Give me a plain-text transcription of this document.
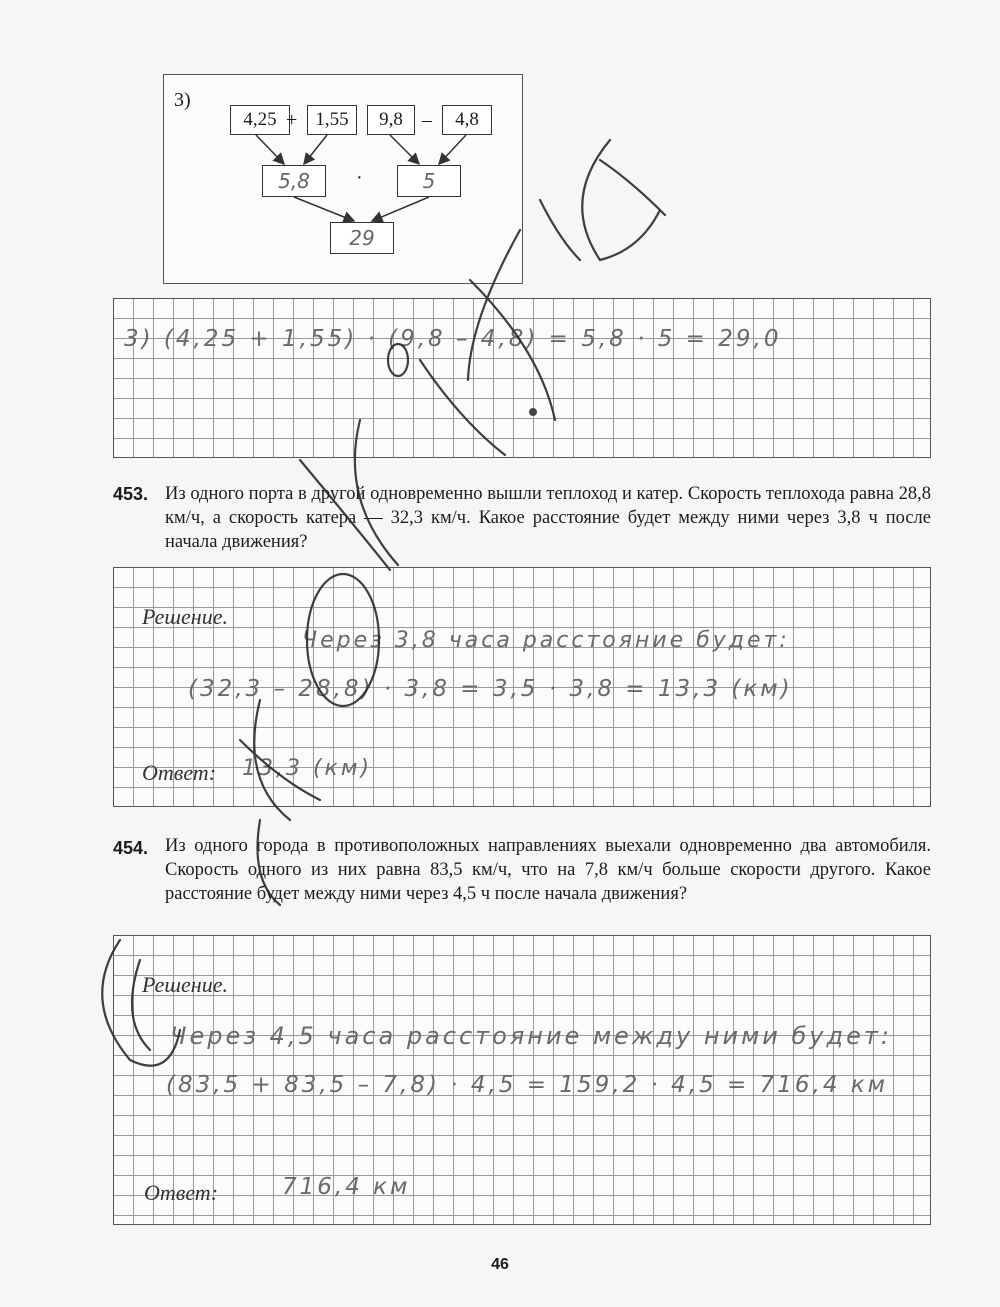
3)
4,25 + 1,55	9,8 –	4,8
5,8	·	5
29
3) (4,25 + 1,55) · (9,8 – 4,8) = 5,8 · 5 = 29,0
453. Из одного порта в другой одновременно вышли теплоход и катер. Скорость теплохода равна 28,8 км/ч, а скорость катера — 32,3 км/ч. Какое расстояние будет между ними через 3,8 ч после начала движения?
Решение.
Через 3,8 часа расстояние будет:
(32,3 – 28,8) · 3,8 = 3,5 · 3,8 = 13,3 (км)
Ответ: 13,3 (км)
454. Из одного города в противоположных направлениях выехали одновременно два автомобиля. Скорость одного из них равна 83,5 км/ч, что на 7,8 км/ч больше скорости другого. Какое расстояние будет между ними через 4,5 ч после начала движения?
Решение.
Через 4,5 часа расстояние между ними будет:
(83,5 + 83,5 – 7,8) · 4,5 = 159,2 · 4,5 = 716,4 км
Ответ:	716,4 км
46
